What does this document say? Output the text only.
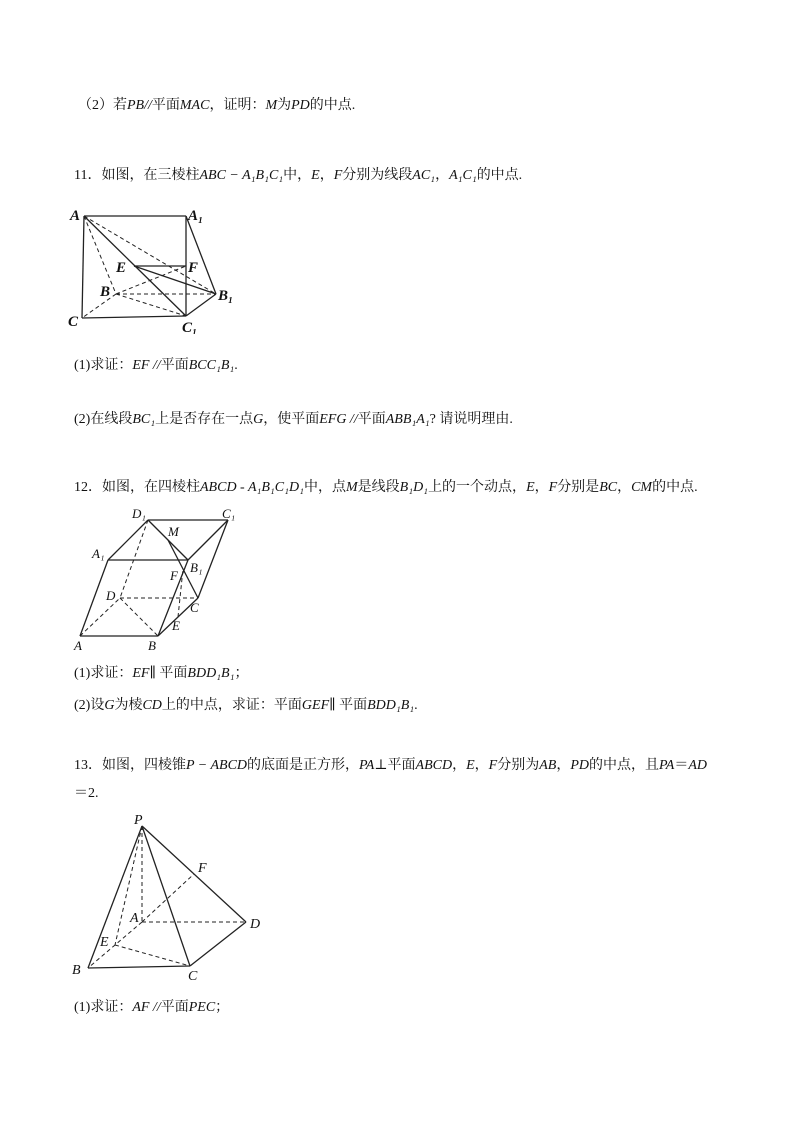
（2）若PB//平面MAC，证明：M为PD的中点.
11．如图，在三棱柱ABC − A₁B₁C₁中，E，F分别为线段AC₁，A₁C₁的中点.
A	A₁
E	F
B	B₁
C	C₁
(1)求证：EF //平面BCC₁B₁.
(2)在线段BC₁上是否存在一点G，使平面EFG //平面ABB₁A₁? 请说明理由.
12．如图，在四棱柱ABCD - A₁B₁C₁D₁中，点M是线段B₁D₁上的一个动点，E，F分别是BC，CM的中点.
D₁	C₁
M
A₁
F
B₁
D
C
E
A	B
(1)求证：EF∥ 平面BDD₁B₁；
(2)设G为棱CD上的中点，求证：平面GEF∥ 平面BDD₁B₁.
13．如图，四棱锥P − ABCD的底面是正方形，PA⊥平面ABCD，E，F分别为AB，PD的中点，且PA＝AD
＝2.
P
F
A	D
E
B	C
(1)求证：AF //平面PEC；
